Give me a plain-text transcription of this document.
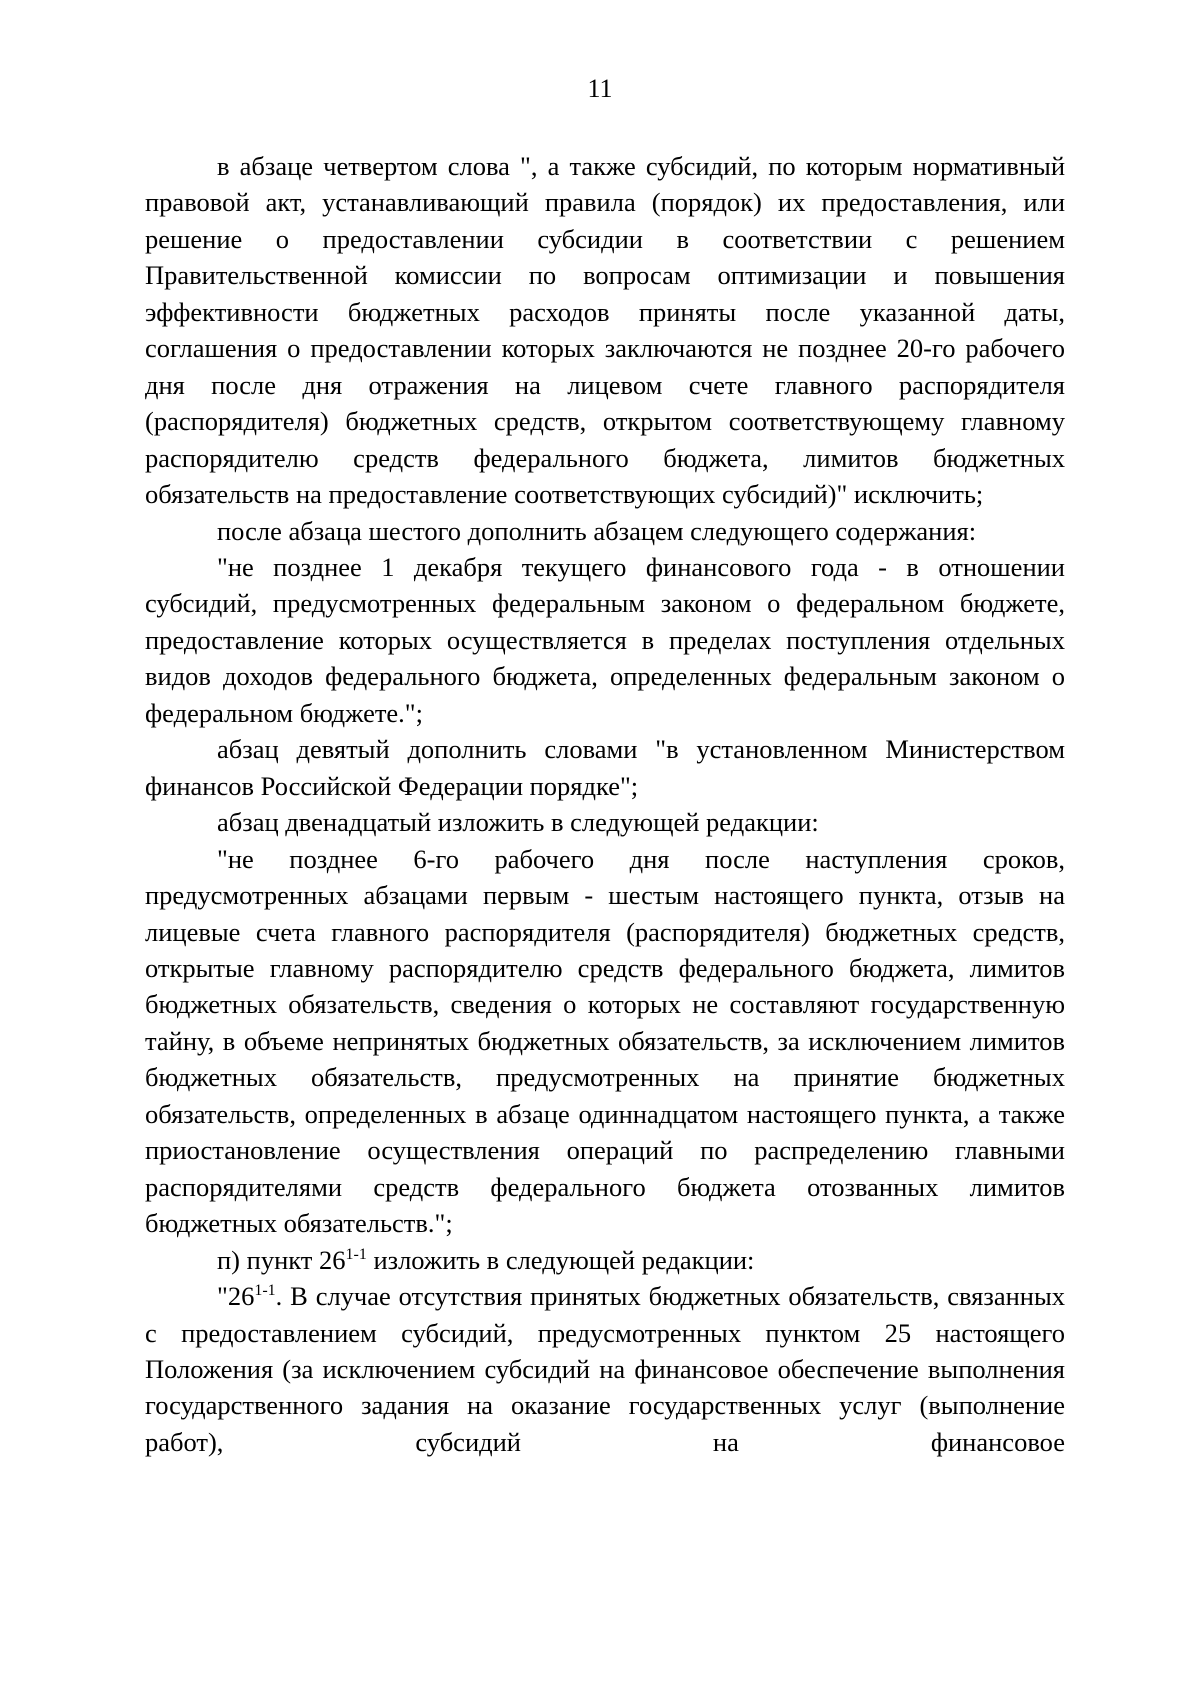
11

в абзаце четвертом слова ", а также субсидий, по которым нормативный правовой акт, устанавливающий правила (порядок) их предоставления, или решение о предоставлении субсидии в соответствии с решением Правительственной комиссии по вопросам оптимизации и повышения эффективности бюджетных расходов приняты после указанной даты, соглашения о предоставлении которых заключаются не позднее 20-го рабочего дня после дня отражения на лицевом счете главного распорядителя (распорядителя) бюджетных средств, открытом соответствующему главному распорядителю средств федерального бюджета, лимитов бюджетных обязательств на предоставление соответствующих субсидий)" исключить;

после абзаца шестого дополнить абзацем следующего содержания:

"не позднее 1 декабря текущего финансового года - в отношении субсидий, предусмотренных федеральным законом о федеральном бюджете, предоставление которых осуществляется в пределах поступления отдельных видов доходов федерального бюджета, определенных федеральным законом о федеральном бюджете.";

абзац девятый дополнить словами "в установленном Министерством финансов Российской Федерации порядке";

абзац двенадцатый изложить в следующей редакции:

"не позднее 6-го рабочего дня после наступления сроков, предусмотренных абзацами первым - шестым настоящего пункта, отзыв на лицевые счета главного распорядителя (распорядителя) бюджетных средств, открытые главному распорядителю средств федерального бюджета, лимитов бюджетных обязательств, сведения о которых не составляют государственную тайну, в объеме непринятых бюджетных обязательств, за исключением лимитов бюджетных обязательств, предусмотренных на принятие бюджетных обязательств, определенных в абзаце одиннадцатом настоящего пункта, а также приостановление осуществления операций по распределению главными распорядителями средств федерального бюджета отозванных лимитов бюджетных обязательств.";

п) пункт 26$^{1-1}$ изложить в следующей редакции:

"26$^{1-1}$. В случае отсутствия принятых бюджетных обязательств, связанных с предоставлением субсидий, предусмотренных пунктом 25 настоящего Положения (за исключением субсидий на финансовое обеспечение выполнения государственного задания на оказание государственных услуг (выполнение работ), субсидий на финансовое
